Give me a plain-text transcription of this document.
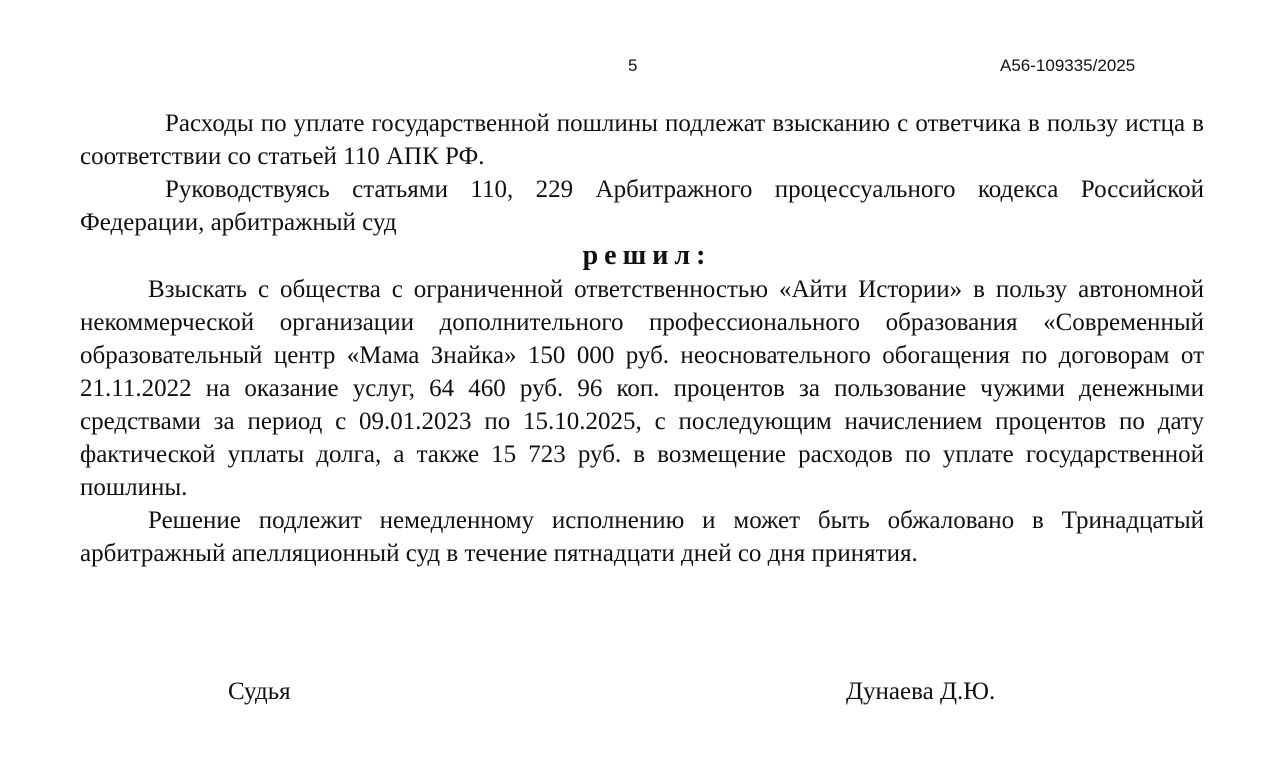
5	А56-109335/2025

Расходы по уплате государственной пошлины подлежат взысканию с ответчика в пользу истца в соответствии со статьей 110 АПК РФ.

Руководствуясь статьями 110, 229 Арбитражного процессуального кодекса Российской Федерации, арбитражный суд

решил:

Взыскать с общества с ограниченной ответственностью «Айти Истории» в пользу автономной некоммерческой организации дополнительного профессионального образования «Современный образовательный центр «Мама Знайка» 150 000 руб. неосновательного обогащения по договорам от 21.11.2022 на оказание услуг, 64 460 руб. 96 коп. процентов за пользование чужими денежными средствами за период с 09.01.2023 по 15.10.2025, с последующим начислением процентов по дату фактической уплаты долга, а также 15 723 руб. в возмещение расходов по уплате государственной пошлины.

Решение подлежит немедленному исполнению и может быть обжаловано в Тринадцатый арбитражный апелляционный суд в течение пятнадцати дней со дня принятия.

Судья	Дунаева Д.Ю.
